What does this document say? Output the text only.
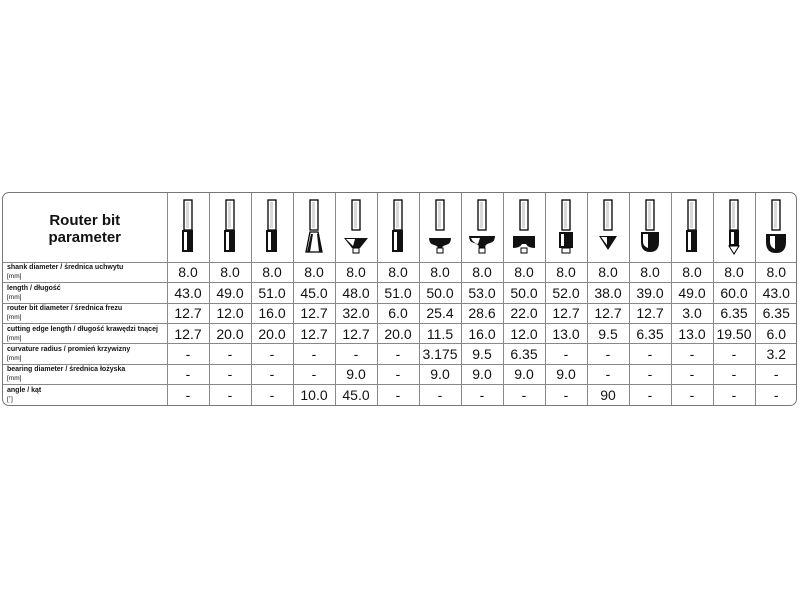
Router bit
parameter

shank diameter / średnica uchwytu
[mm]	8.0	8.0	8.0	8.0	8.0	8.0	8.0	8.0	8.0	8.0	8.0	8.0	8.0	8.0	8.0

length / długość
[mm]	43.0	49.0	51.0	45.0	48.0	51.0	50.0	53.0	50.0	52.0	38.0	39.0	49.0	60.0	43.0

router bit diameter / średnica frezu
[mm]	12.7	12.0	16.0	12.7	32.0	6.0	25.4	28.6	22.0	12.7	12.7	12.7	3.0	6.35	6.35

cutting edge length / długość krawędzi tnącej
[mm]	12.7	20.0	20.0	12.7	12.7	20.0	11.5	16.0	12.0	13.0	9.5	6.35	13.0	19.50	6.0

curvature radius / promień krzywizny
[mm]	-	-	-	-	-	-	3.175	9.5	6.35	-	-	-	-	-	3.2

bearing diameter / średnica łożyska
[mm]	-	-	-	-	9.0	-	9.0	9.0	9.0	9.0	-	-	-	-	-

angle / kąt
[˚]	-	-	-	10.0	45.0	-	-	-	-	-	90	-	-	-	-
